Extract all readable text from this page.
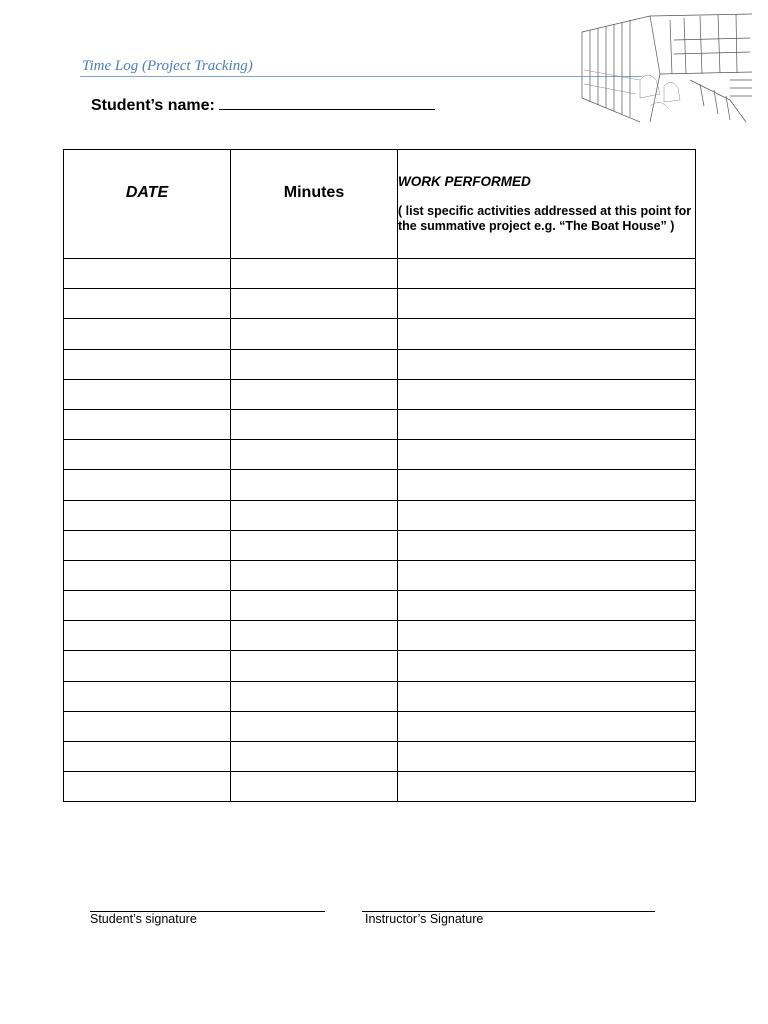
Time Log (Project Tracking)
Student’s name:
DATE	Minutes	WORK PERFORMED
( list specific activities addressed at this point for the summative project e.g. “The Boat House” )

Student’s signature	Instructor’s Signature
